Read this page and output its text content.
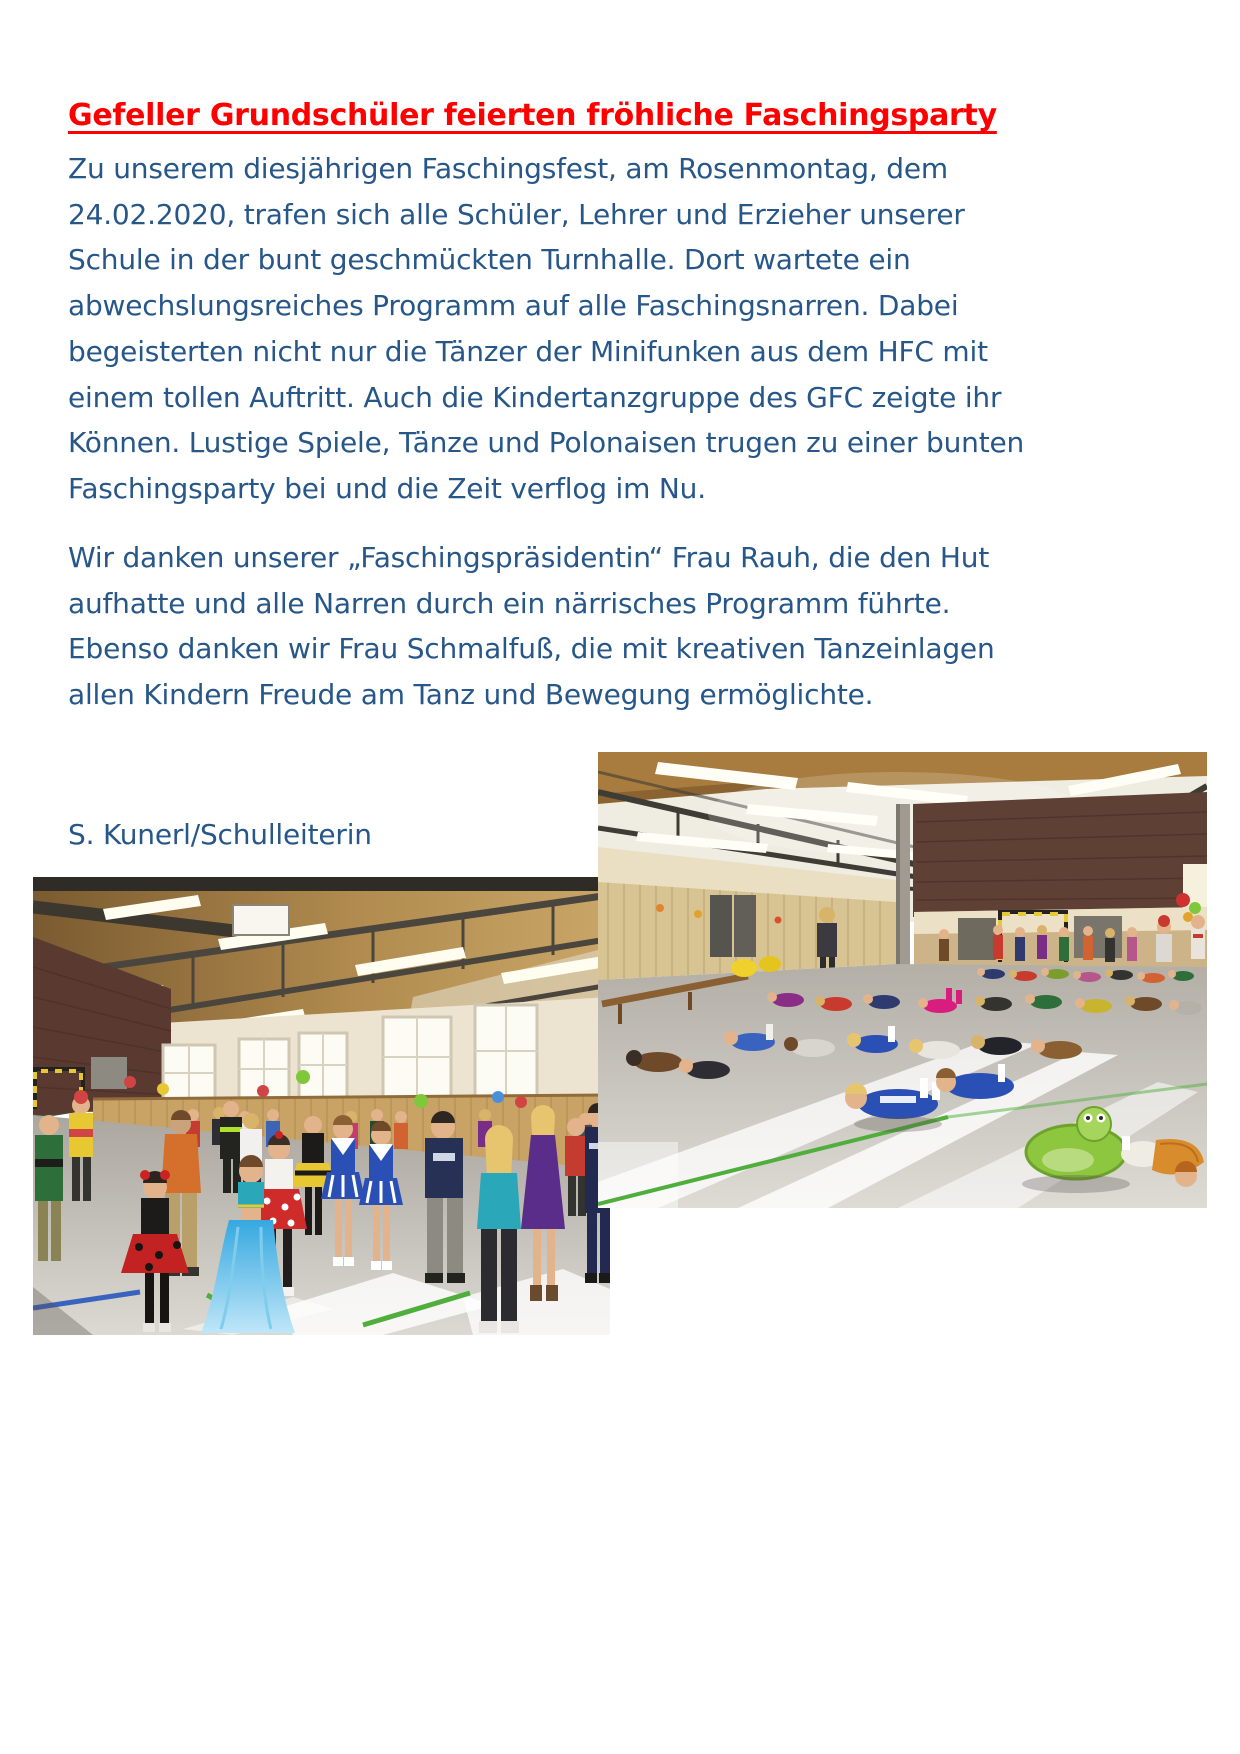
Gefeller Grundschüler feierten fröhliche Faschingsparty
Zu unserem diesjährigen Faschingsfest, am Rosenmontag, dem
24.02.2020, trafen sich alle Schüler, Lehrer und Erzieher unserer
Schule in der bunt geschmückten Turnhalle. Dort wartete ein
abwechslungsreiches Programm auf alle Faschingsnarren. Dabei
begeisterten nicht nur die Tänzer der Minifunken aus dem HFC mit
einem tollen Auftritt. Auch die Kindertanzgruppe des GFC zeigte ihr
Können. Lustige Spiele, Tänze und Polonaisen trugen zu einer bunten
Faschingsparty bei und die Zeit verflog im Nu.
Wir danken unserer „Faschingspräsidentin“ Frau Rauh, die den Hut
aufhatte und alle Narren durch ein närrisches Programm führte.
Ebenso danken wir Frau Schmalfuß, die mit kreativen Tanzeinlagen
allen Kindern Freude am Tanz und Bewegung ermöglichte.
S. Kunerl/Schulleiterin
